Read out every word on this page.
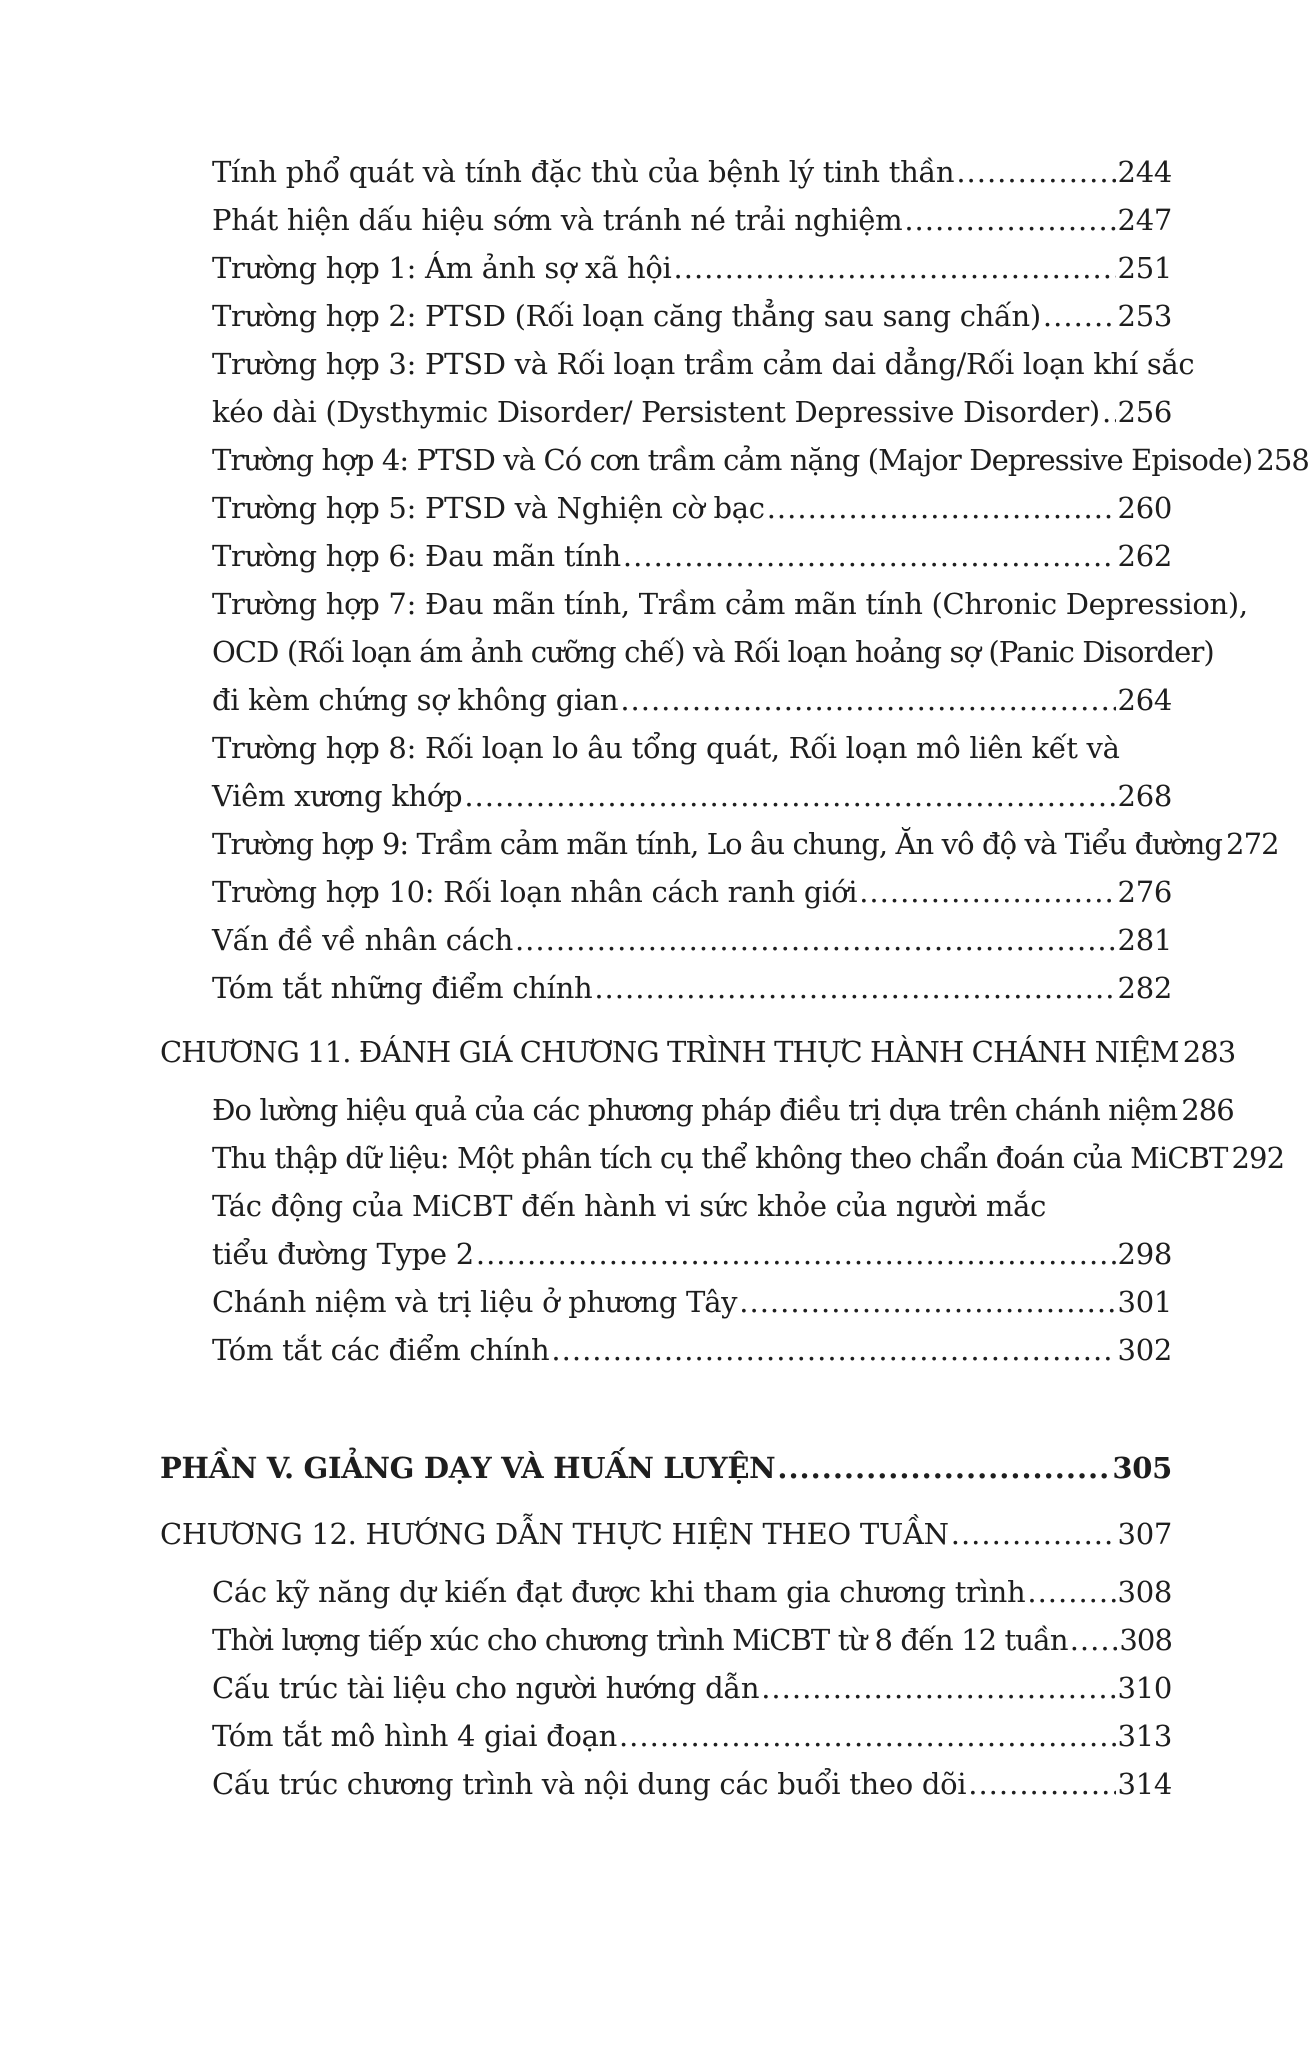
Tính phổ quát và tính đặc thù của bệnh lý tinh thần .....	244
Phát hiện dấu hiệu sớm và tránh né trải nghiệm .....	247
Trường hợp 1: Ám ảnh sợ xã hội .....	251
Trường hợp 2: PTSD (Rối loạn căng thẳng sau sang chấn) .....	253
Trường hợp 3: PTSD và Rối loạn trầm cảm dai dẳng/Rối loạn khí sắc
kéo dài (Dysthymic Disorder/ Persistent Depressive Disorder) ..... 256
Trường hợp 4: PTSD và Có cơn trầm cảm nặng (Major Depressive Episode) 258
Trường hợp 5: PTSD và Nghiện cờ bạc .....	260
Trường hợp 6: Đau mãn tính .....	262
Trường hợp 7: Đau mãn tính, Trầm cảm mãn tính (Chronic Depression),
OCD (Rối loạn ám ảnh cưỡng chế) và Rối loạn hoảng sợ (Panic Disorder)
đi kèm chứng sợ không gian .....	264
Trường hợp 8: Rối loạn lo âu tổng quát, Rối loạn mô liên kết và
Viêm xương khớp .....	268
Trường hợp 9: Trầm cảm mãn tính, Lo âu chung, Ăn vô độ và Tiểu đường 272
Trường hợp 10: Rối loạn nhân cách ranh giới .....	276
Vấn đề về nhân cách .....	281
Tóm tắt những điểm chính .....	282
CHƯƠNG 11. ĐÁNH GIÁ CHƯƠNG TRÌNH THỰC HÀNH CHÁNH NIỆM 283
Đo lường hiệu quả của các phương pháp điều trị dựa trên chánh niệm 286
Thu thập dữ liệu: Một phân tích cụ thể không theo chẩn đoán của MiCBT 292
Tác động của MiCBT đến hành vi sức khỏe của người mắc
tiểu đường Type 2 .....	298
Chánh niệm và trị liệu ở phương Tây .....	301
Tóm tắt các điểm chính .....	302
PHẦN V. GIẢNG DẠY VÀ HUẤN LUYỆN .....	305
CHƯƠNG 12. HƯỚNG DẪN THỰC HIỆN THEO TUẦN .....	307
Các kỹ năng dự kiến đạt được khi tham gia chương trình .....	308
Thời lượng tiếp xúc cho chương trình MiCBT từ 8 đến 12 tuần ..... 308
Cấu trúc tài liệu cho người hướng dẫn .....	310
Tóm tắt mô hình 4 giai đoạn .....	313
Cấu trúc chương trình và nội dung các buổi theo dõi .....	314
